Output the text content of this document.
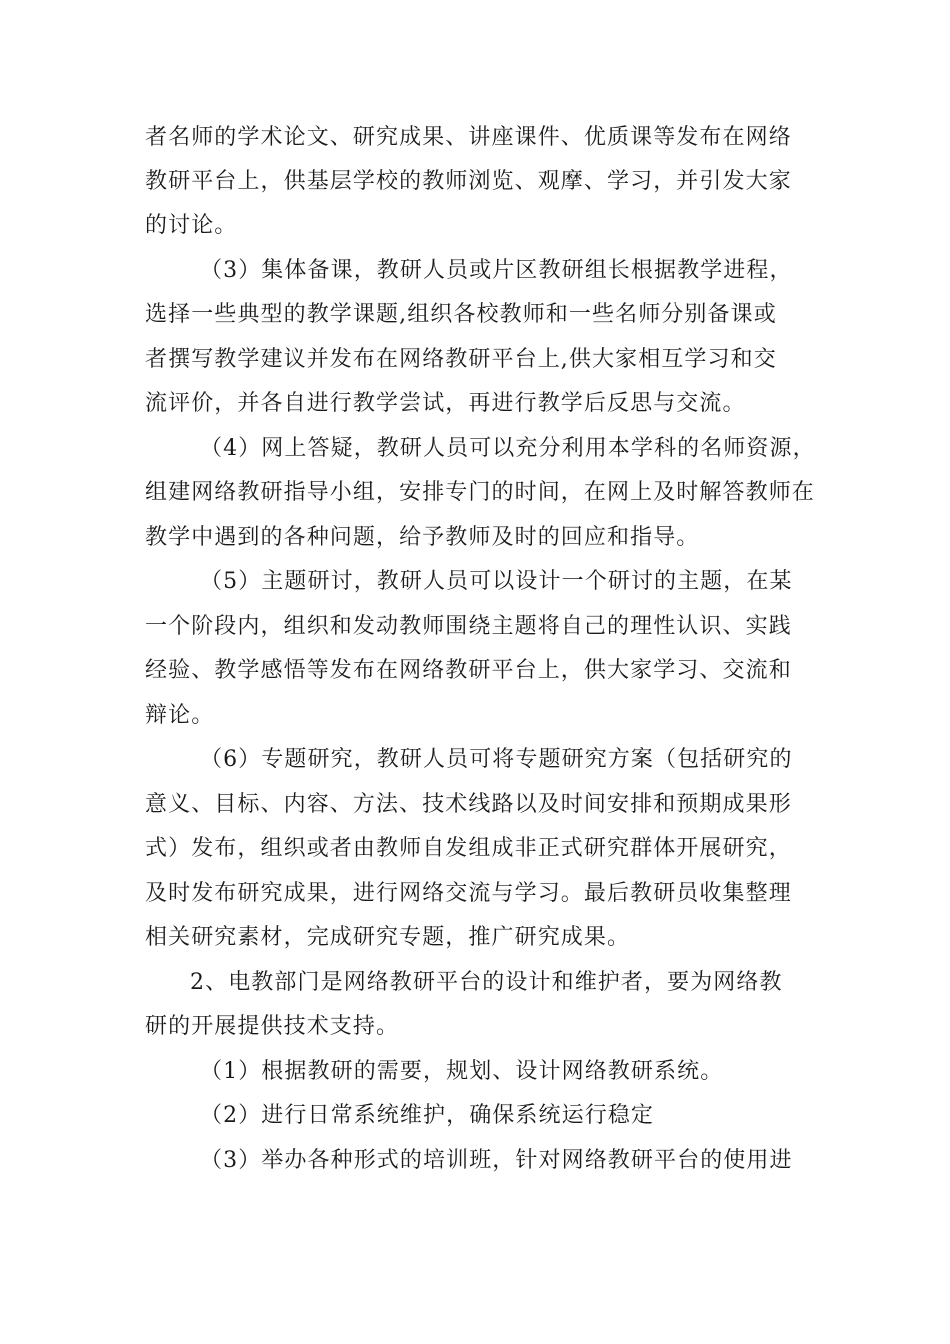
者名师的学术论文、研究成果、讲座课件、优质课等发布在网络
教研平台上，供基层学校的教师浏览、观摩、学习，并引发大家
的讨论。
（3）集体备课，教研人员或片区教研组长根据教学进程，
选择一些典型的教学课题,组织各校教师和一些名师分别备课或
者撰写教学建议并发布在网络教研平台上,供大家相互学习和交
流评价，并各自进行教学尝试，再进行教学后反思与交流。
（4）网上答疑，教研人员可以充分利用本学科的名师资源，
组建网络教研指导小组，安排专门的时间，在网上及时解答教师在
教学中遇到的各种问题，给予教师及时的回应和指导。
（5）主题研讨，教研人员可以设计一个研讨的主题，在某
一个阶段内，组织和发动教师围绕主题将自己的理性认识、实践
经验、教学感悟等发布在网络教研平台上，供大家学习、交流和
辩论。
（6）专题研究，教研人员可将专题研究方案（包括研究的
意义、目标、内容、方法、技术线路以及时间安排和预期成果形
式）发布，组织或者由教师自发组成非正式研究群体开展研究，
及时发布研究成果，进行网络交流与学习。最后教研员收集整理
相关研究素材，完成研究专题，推广研究成果。
2、电教部门是网络教研平台的设计和维护者，要为网络教
研的开展提供技术支持。
（1）根据教研的需要，规划、设计网络教研系统。
（2）进行日常系统维护，确保系统运行稳定
（3）举办各种形式的培训班，针对网络教研平台的使用进
